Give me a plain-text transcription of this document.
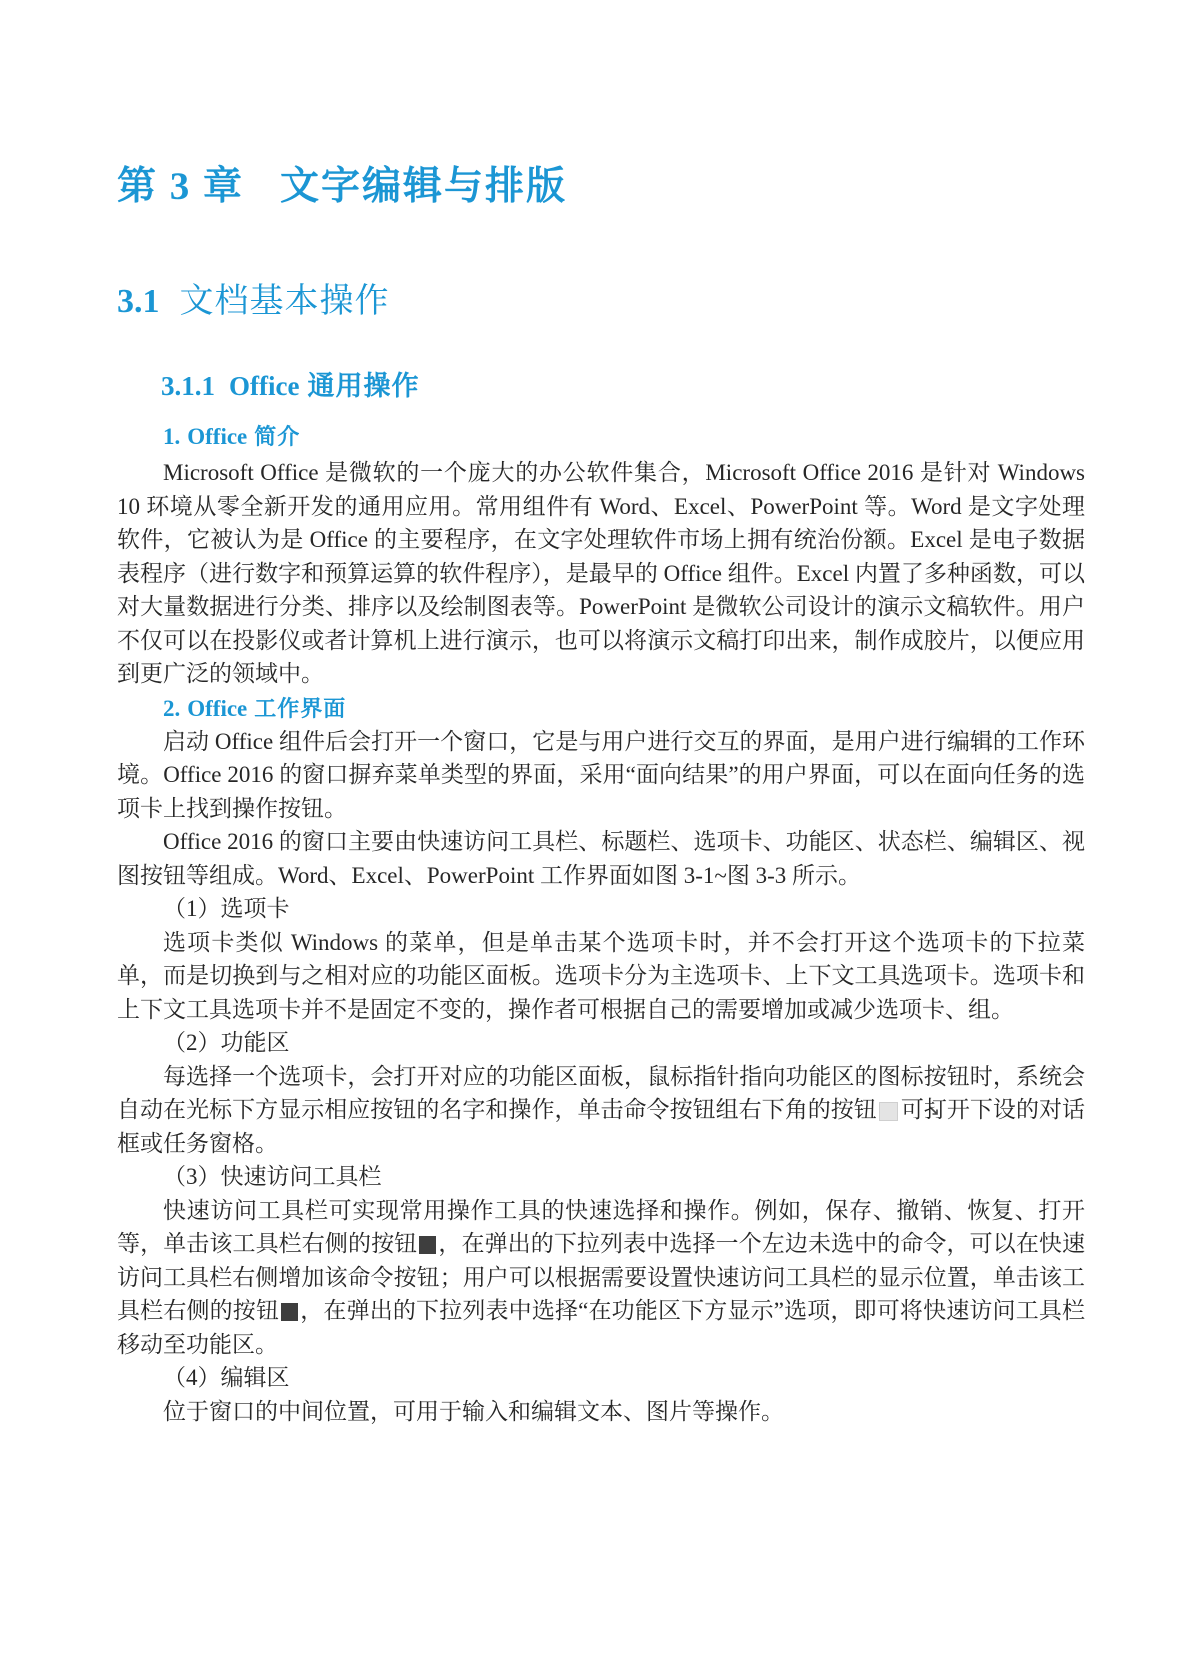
第 3 章 文字编辑与排版
3.1 文档基本操作
3.1.1 Office 通用操作
1. Office 简介

Microsoft Office 是微软的一个庞大的办公软件集合，Microsoft Office 2016 是针对 Windows 10 环境从零全新开发的通用应用。常用组件有 Word、Excel、PowerPoint 等。Word 是文字处理软件，它被认为是 Office 的主要程序，在文字处理软件市场上拥有统治份额。Excel 是电子数据表程序（进行数字和预算运算的软件程序），是最早的 Office 组件。Excel 内置了多种函数，可以对大量数据进行分类、排序以及绘制图表等。PowerPoint 是微软公司设计的演示文稿软件。用户不仅可以在投影仪或者计算机上进行演示，也可以将演示文稿打印出来，制作成胶片，以便应用到更广泛的领域中。

2. Office 工作界面

启动 Office 组件后会打开一个窗口，它是与用户进行交互的界面，是用户进行编辑的工作环境。Office 2016 的窗口摒弃菜单类型的界面，采用“面向结果”的用户界面，可以在面向任务的选项卡上找到操作按钮。

Office 2016 的窗口主要由快速访问工具栏、标题栏、选项卡、功能区、状态栏、编辑区、视图按钮等组成。Word、Excel、PowerPoint 工作界面如图 3-1~图 3-3 所示。

（1）选项卡

选项卡类似 Windows 的菜单，但是单击某个选项卡时，并不会打开这个选项卡的下拉菜单，而是切换到与之相对应的功能区面板。选项卡分为主选项卡、上下文工具选项卡。选项卡和上下文工具选项卡并不是固定不变的，操作者可根据自己的需要增加或减少选项卡、组。

（2）功能区

每选择一个选项卡，会打开对应的功能区面板，鼠标指针指向功能区的图标按钮时，系统会自动在光标下方显示相应按钮的名字和操作，单击命令按钮组右下角的按钮 可打开下设的对话框或任务窗格。

（3）快速访问工具栏

快速访问工具栏可实现常用操作工具的快速选择和操作。例如，保存、撤销、恢复、打开等，单击该工具栏右侧的按钮 ，在弹出的下拉列表中选择一个左边未选中的命令，可以在快速访问工具栏右侧增加该命令按钮；用户可以根据需要设置快速访问工具栏的显示位置，单击该工具栏右侧的按钮 ，在弹出的下拉列表中选择“在功能区下方显示”选项，即可将快速访问工具栏移动至功能区。

（4）编辑区

位于窗口的中间位置，可用于输入和编辑文本、图片等操作。
